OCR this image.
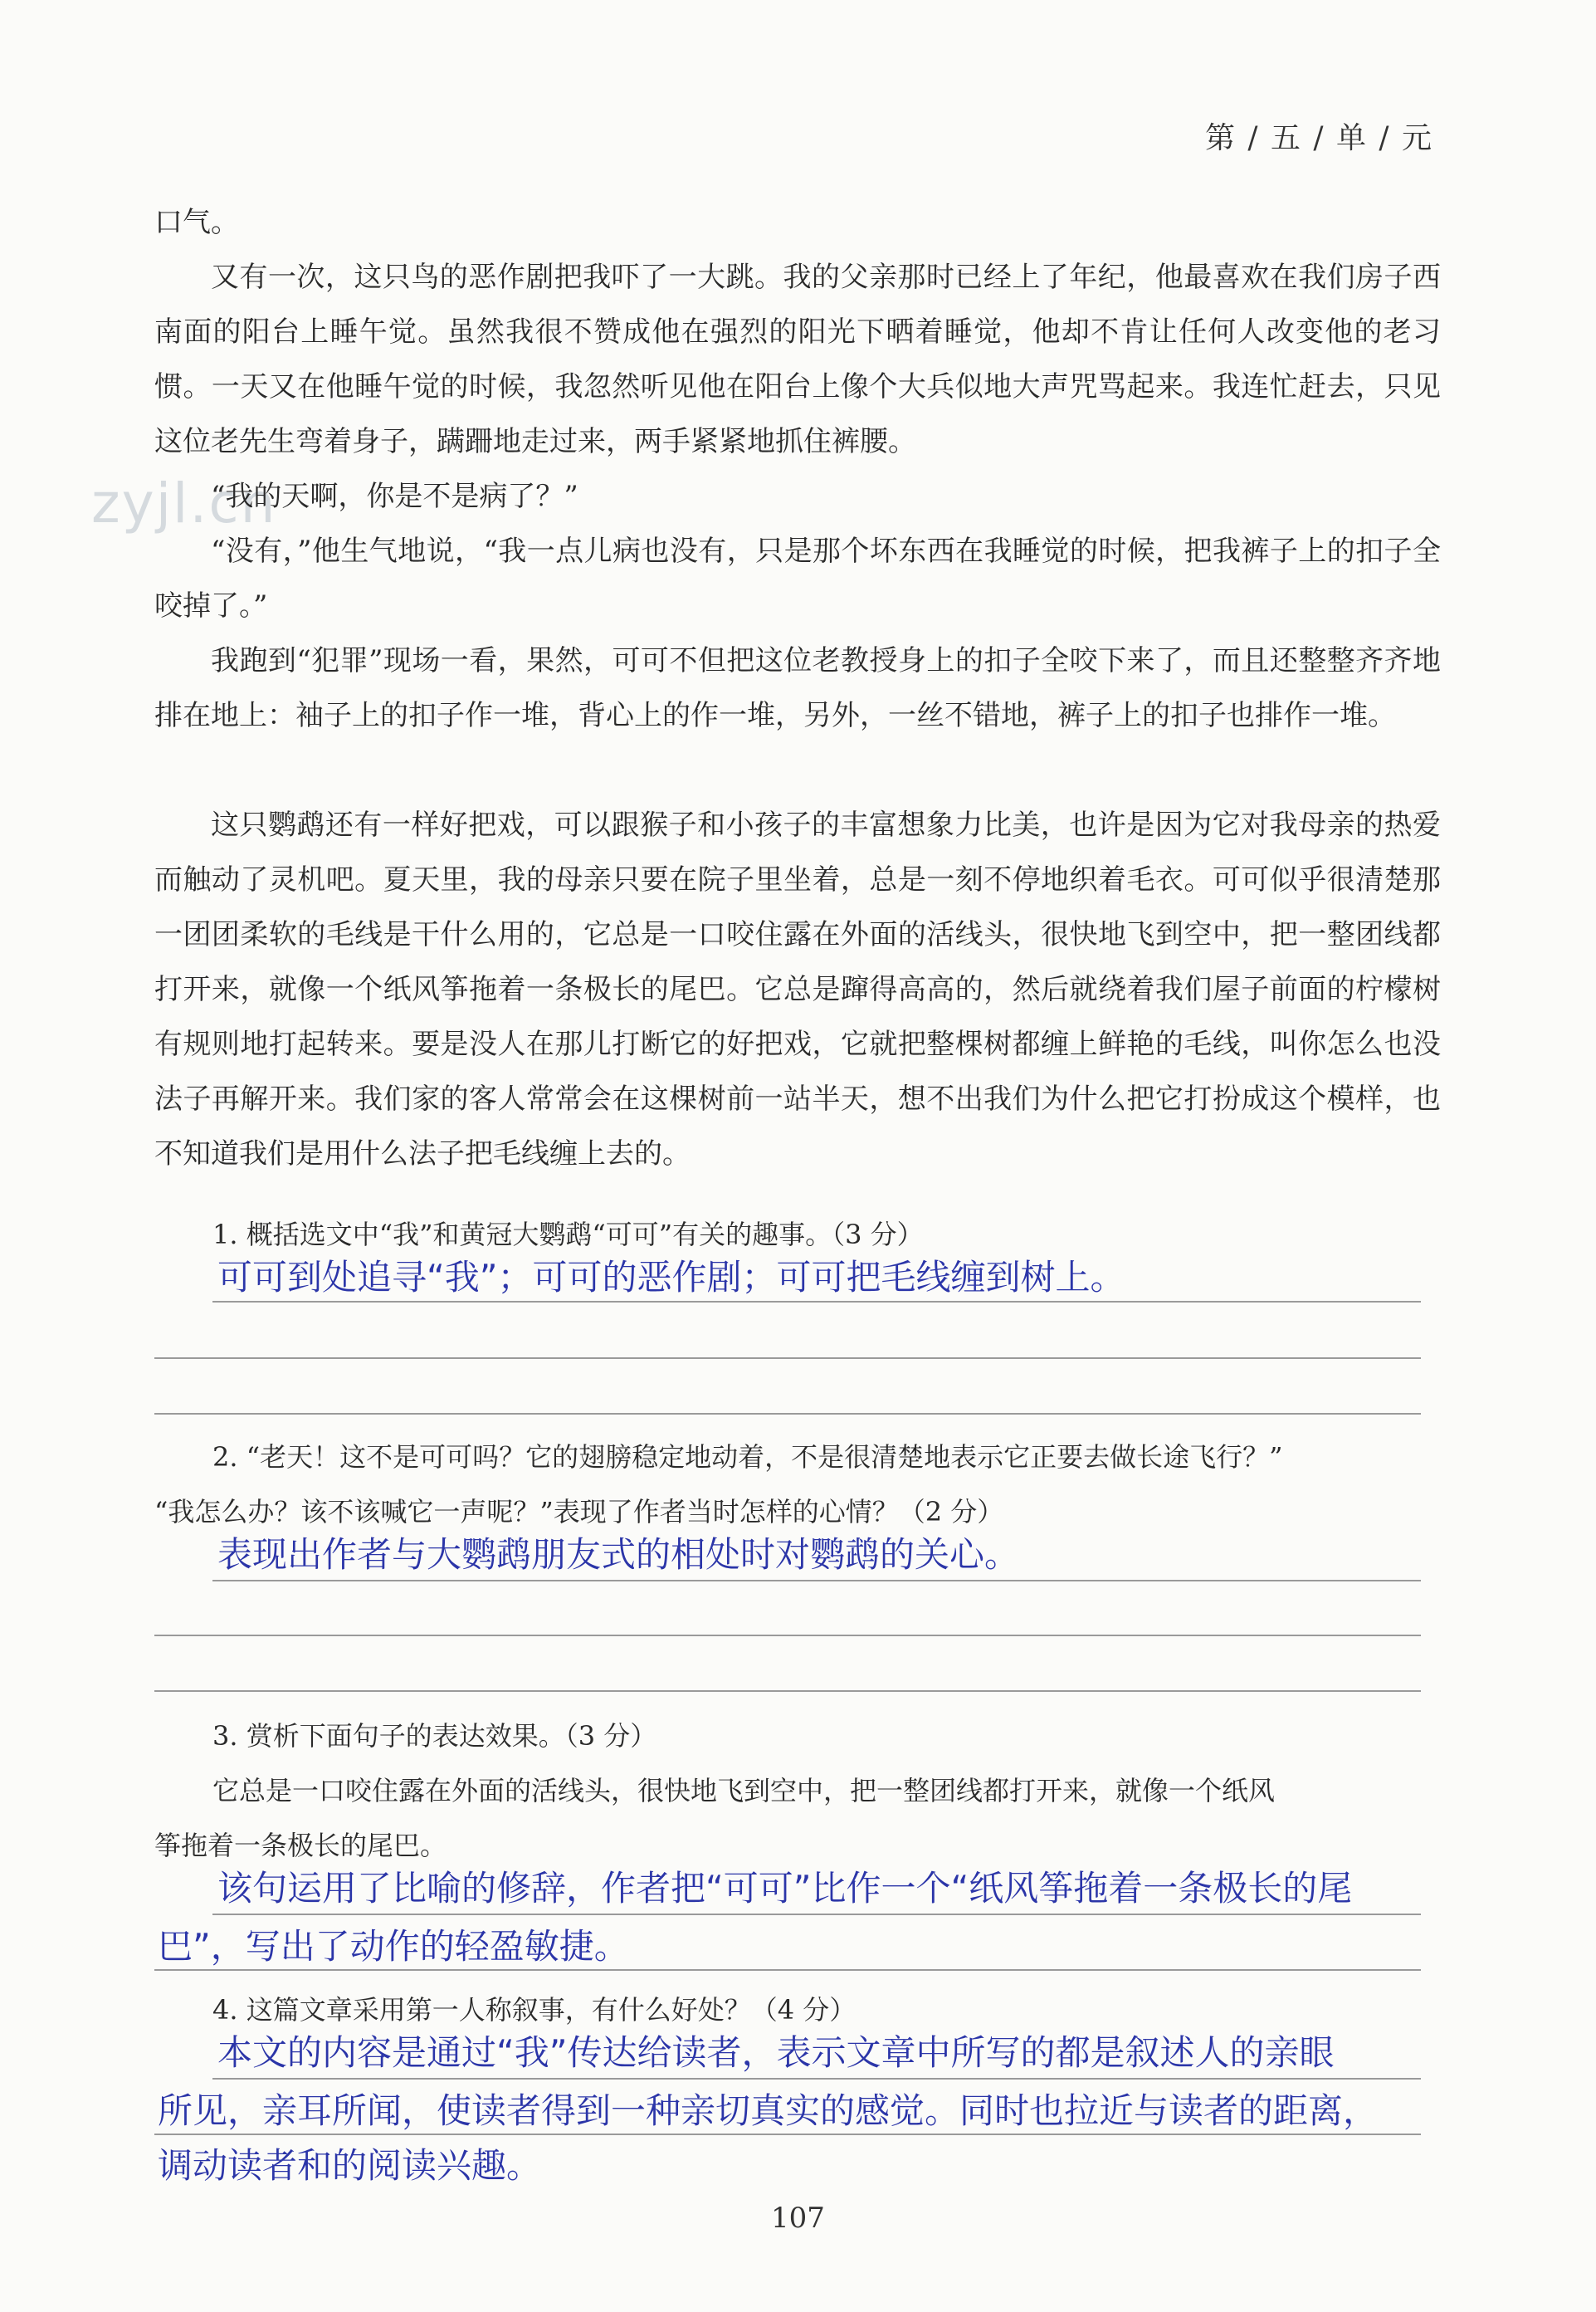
第 / 五 / 单 / 元
zyjl.cn

口气。

又有一次，这只鸟的恶作剧把我吓了一大跳。我的父亲那时已经上了年纪，他最喜欢在我们房子西南面的阳台上睡午觉。虽然我很不赞成他在强烈的阳光下晒着睡觉，他却不肯让任何人改变他的老习惯。一天又在他睡午觉的时候，我忽然听见他在阳台上像个大兵似地大声咒骂起来。我连忙赶去，只见这位老先生弯着身子，蹒跚地走过来，两手紧紧地抓住裤腰。

“我的天啊，你是不是病了？”

“没有，”他生气地说，“我一点儿病也没有，只是那个坏东西在我睡觉的时候，把我裤子上的扣子全咬掉了。”

我跑到“犯罪”现场一看，果然，可可不但把这位老教授身上的扣子全咬下来了，而且还整整齐齐地排在地上：袖子上的扣子作一堆，背心上的作一堆，另外，一丝不错地，裤子上的扣子也排作一堆。

这只鹦鹉还有一样好把戏，可以跟猴子和小孩子的丰富想象力比美，也许是因为它对我母亲的热爱而触动了灵机吧。夏天里，我的母亲只要在院子里坐着，总是一刻不停地织着毛衣。可可似乎很清楚那一团团柔软的毛线是干什么用的，它总是一口咬住露在外面的活线头，很快地飞到空中，把一整团线都打开来，就像一个纸风筝拖着一条极长的尾巴。它总是蹿得高高的，然后就绕着我们屋子前面的柠檬树有规则地打起转来。要是没人在那儿打断它的好把戏，它就把整棵树都缠上鲜艳的毛线，叫你怎么也没法子再解开来。我们家的客人常常会在这棵树前一站半天，想不出我们为什么把它打扮成这个模样，也不知道我们是用什么法子把毛线缠上去的。

1. 概括选文中“我”和黄冠大鹦鹉“可可”有关的趣事。（3 分）
可可到处追寻“我”；可可的恶作剧；可可把毛线缠到树上。
2. “老天！这不是可可吗？它的翅膀稳定地动着，不是很清楚地表示它正要去做长途飞行？”
“我怎么办？该不该喊它一声呢？”表现了作者当时怎样的心情？（2 分）
表现出作者与大鹦鹉朋友式的相处时对鹦鹉的关心。
3. 赏析下面句子的表达效果。（3 分）
它总是一口咬住露在外面的活线头，很快地飞到空中，把一整团线都打开来，就像一个纸风
筝拖着一条极长的尾巴。
该句运用了比喻的修辞，作者把“可可”比作一个“纸风筝拖着一条极长的尾
巴”，写出了动作的轻盈敏捷。
4. 这篇文章采用第一人称叙事，有什么好处？（4 分）
本文的内容是通过“我”传达给读者，表示文章中所写的都是叙述人的亲眼
所见，亲耳所闻，使读者得到一种亲切真实的感觉。同时也拉近与读者的距离，
调动读者和的阅读兴趣。
107
